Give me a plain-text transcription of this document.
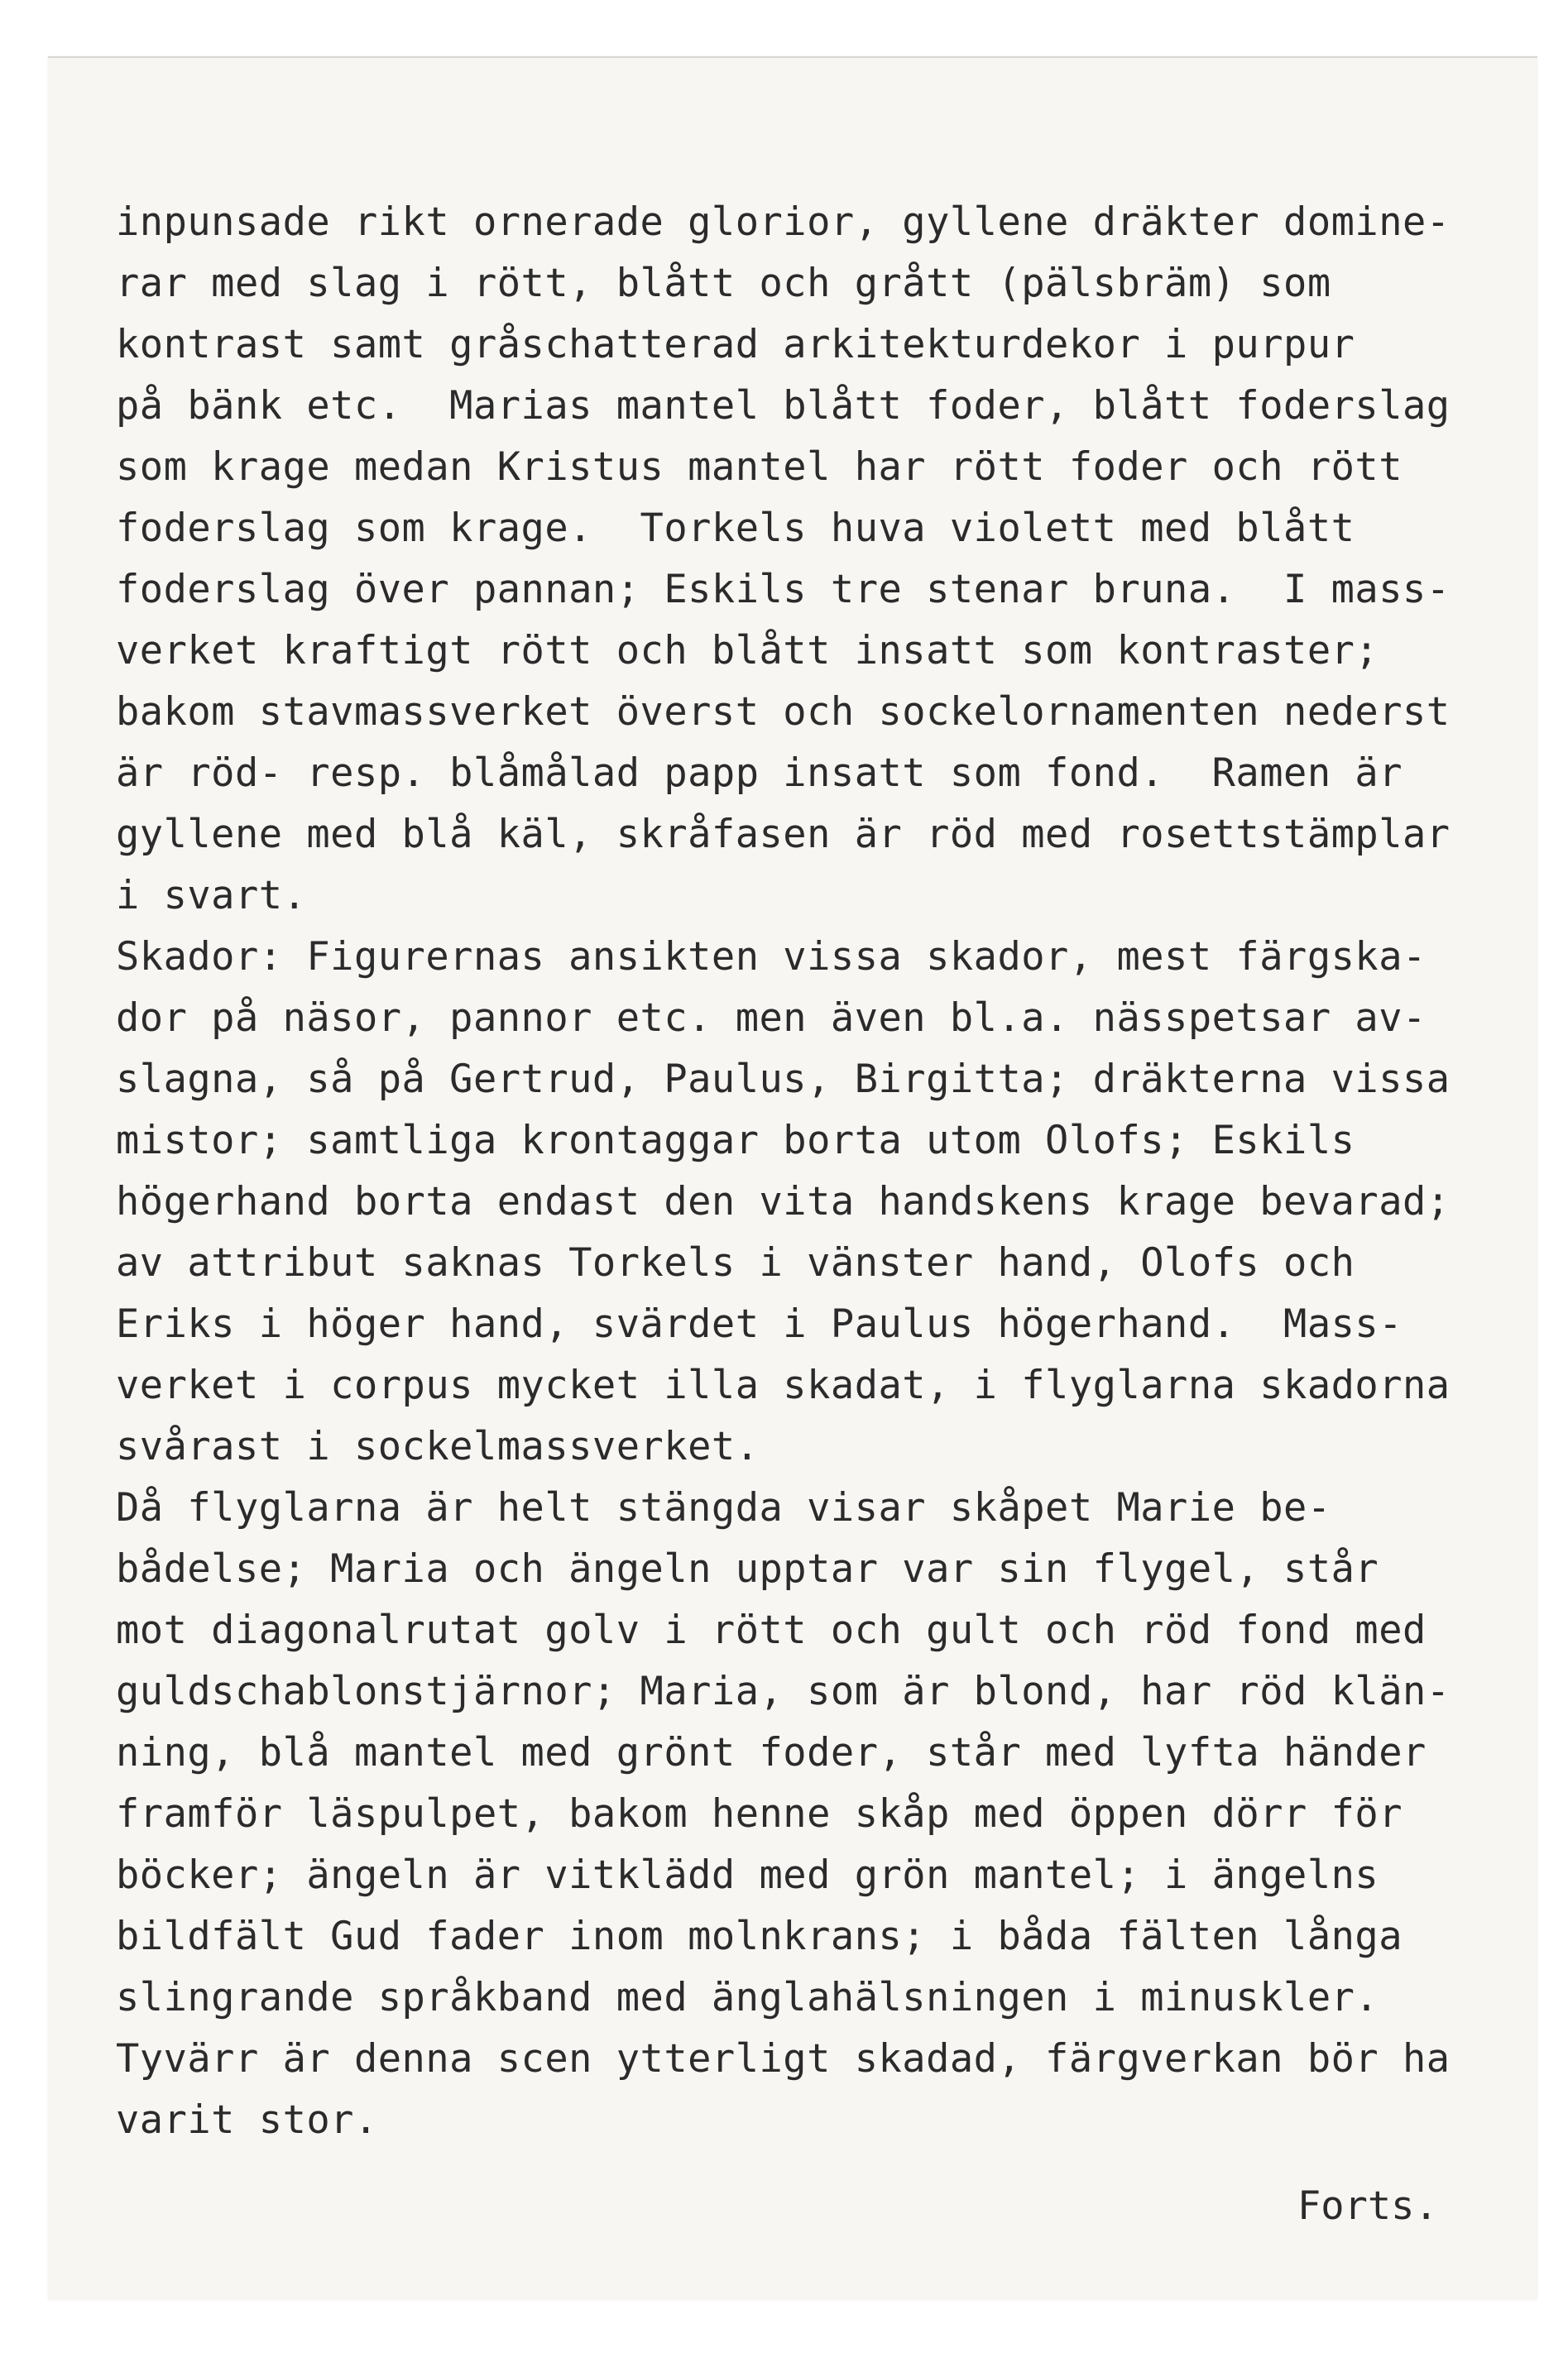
inpunsade rikt ornerade glorior, gyllene dräkter domine-

rar med slag i rött, blått och grått (pälsbräm) som

kontrast samt gråschatterad arkitekturdekor i purpur

på bänk etc.  Marias mantel blått foder, blått foderslag

som krage medan Kristus mantel har rött foder och rött

foderslag som krage.  Torkels huva violett med blått

foderslag över pannan; Eskils tre stenar bruna.  I mass-

verket kraftigt rött och blått insatt som kontraster;

bakom stavmassverket överst och sockelornamenten nederst

är röd- resp. blåmålad papp insatt som fond.  Ramen är

gyllene med blå käl, skråfasen är röd med rosettstämplar

i svart.

Skador: Figurernas ansikten vissa skador, mest färgska-

dor på näsor, pannor etc. men även bl.a. nässpetsar av-

slagna, så på Gertrud, Paulus, Birgitta; dräkterna vissa

mistor; samtliga krontaggar borta utom Olofs; Eskils

högerhand borta endast den vita handskens krage bevarad;

av attribut saknas Torkels i vänster hand, Olofs och

Eriks i höger hand, svärdet i Paulus högerhand.  Mass-

verket i corpus mycket illa skadat, i flyglarna skadorna

svårast i sockelmassverket.

Då flyglarna är helt stängda visar skåpet Marie be-

bådelse; Maria och ängeln upptar var sin flygel, står

mot diagonalrutat golv i rött och gult och röd fond med

guldschablonstjärnor; Maria, som är blond, har röd klän-

ning, blå mantel med grönt foder, står med lyfta händer

framför läspulpet, bakom henne skåp med öppen dörr för

böcker; ängeln är vitklädd med grön mantel; i ängelns

bildfält Gud fader inom molnkrans; i båda fälten långa

slingrande språkband med änglahälsningen i minuskler.

Tyvärr är denna scen ytterligt skadad, färgverkan bör ha

varit stor.

Forts.
